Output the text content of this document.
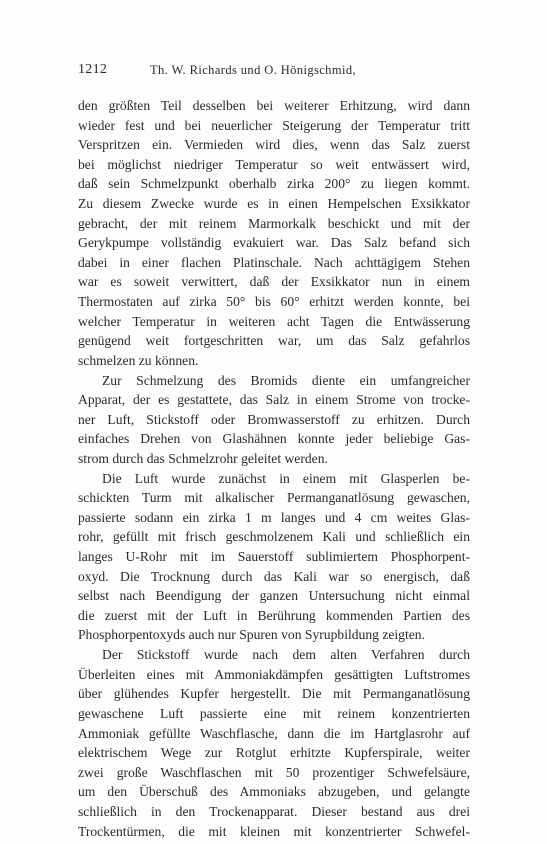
1212	Th. W. Richards und O. Hönigschmid,
den größten Teil desselben bei weiterer Erhitzung, wird dann
wieder fest und bei neuerlicher Steigerung der Temperatur tritt
Verspritzen ein. Vermieden wird dies, wenn das Salz zuerst
bei möglichst niedriger Temperatur so weit entwässert wird,
daß sein Schmelzpunkt oberhalb zirka 200° zu liegen kommt.
Zu diesem Zwecke wurde es in einen Hempelschen Exsikkator
gebracht, der mit reinem Marmorkalk beschickt und mit der
Gerykpumpe vollständig evakuiert war. Das Salz befand sich
dabei in einer flachen Platinschale. Nach achttägigem Stehen
war es soweit verwittert, daß der Exsikkator nun in einem
Thermostaten auf zirka 50° bis 60° erhitzt werden konnte, bei
welcher Temperatur in weiteren acht Tagen die Entwässerung
genügend weit fortgeschritten war, um das Salz gefahrlos
schmelzen zu können.
Zur Schmelzung des Bromids diente ein umfangreicher
Apparat, der es gestattete, das Salz in einem Strome von trocke-
ner Luft, Stickstoff oder Bromwasserstoff zu erhitzen. Durch
einfaches Drehen von Glashähnen konnte jeder beliebige Gas-
strom durch das Schmelzrohr geleitet werden.
Die Luft wurde zunächst in einem mit Glasperlen be-
schickten Turm mit alkalischer Permanganatlösung gewaschen,
passierte sodann ein zirka 1 m langes und 4 cm weites Glas-
rohr, gefüllt mit frisch geschmolzenem Kali und schließlich ein
langes U-Rohr mit im Sauerstoff sublimiertem Phosphorpent-
oxyd. Die Trocknung durch das Kali war so energisch, daß
selbst nach Beendigung der ganzen Untersuchung nicht einmal
die zuerst mit der Luft in Berührung kommenden Partien des
Phosphorpentoxyds auch nur Spuren von Syrupbildung zeigten.
Der Stickstoff wurde nach dem alten Verfahren durch
Überleiten eines mit Ammoniakdämpfen gesättigten Luftstromes
über glühendes Kupfer hergestellt. Die mit Permanganatlösung
gewaschene Luft passierte eine mit reinem konzentrierten
Ammoniak gefüllte Waschflasche, dann die im Hartglasrohr auf
elektrischem Wege zur Rotglut erhitzte Kupferspirale, weiter
zwei große Waschflaschen mit 50 prozentiger Schwefelsäure,
um den Überschuß des Ammoniaks abzugeben, und gelangte
schließlich in den Trockenapparat. Dieser bestand aus drei
Trockentürmen, die mit kleinen mit konzentrierter Schwefel-
